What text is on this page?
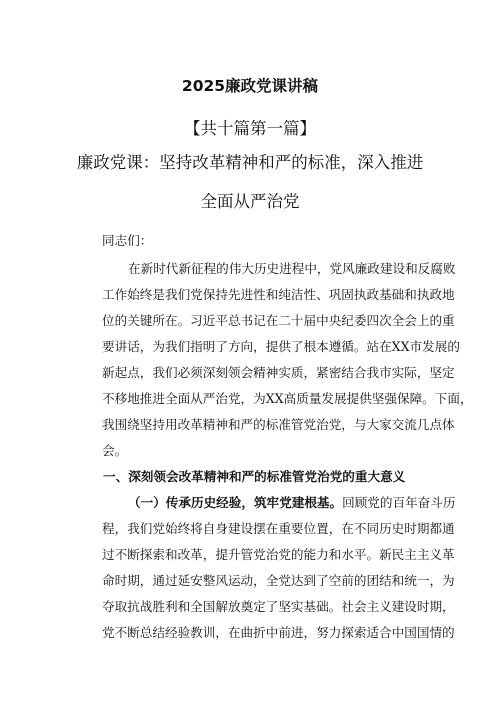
2025廉政党课讲稿
【共十篇第一篇】
廉政党课：坚持改革精神和严的标准，深入推进
全面从严治党
同志们：
在新时代新征程的伟大历史进程中，党风廉政建设和反腐败
工作始终是我们党保持先进性和纯洁性、巩固执政基础和执政地
位的关键所在。习近平总书记在二十届中央纪委四次全会上的重
要讲话，为我们指明了方向，提供了根本遵循。站在XX市发展的
新起点，我们必须深刻领会精神实质，紧密结合我市实际，坚定
不移地推进全面从严治党，为XX高质量发展提供坚强保障。下面，
我围绕坚持用改革精神和严的标准管党治党，与大家交流几点体
会。
一、深刻领会改革精神和严的标准管党治党的重大意义
（一）传承历史经验，筑牢党建根基。回顾党的百年奋斗历
程，我们党始终将自身建设摆在重要位置，在不同历史时期都通
过不断探索和改革，提升管党治党的能力和水平。新民主主义革
命时期，通过延安整风运动，全党达到了空前的团结和统一，为
夺取抗战胜利和全国解放奠定了坚实基础。社会主义建设时期，
党不断总结经验教训，在曲折中前进，努力探索适合中国国情的
